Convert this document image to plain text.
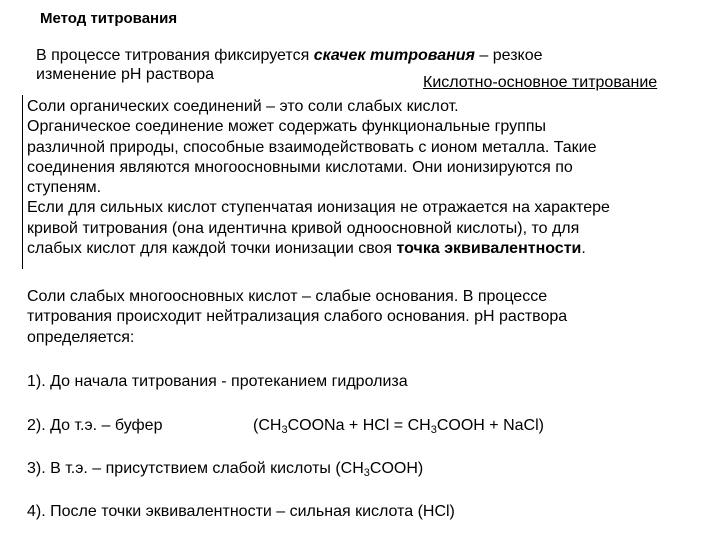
Метод титрования
В процессе титрования фиксируется скачек титрования – резкое
изменение pH раствора	Кислотно-основное титрование
Соли органических соединений – это соли слабых кислот.
Органическое соединение может содержать функциональные группы
различной природы, способные взаимодействовать с ионом металла. Такие
соединения являются многоосновными кислотами. Они ионизируются по
ступеням.
Если для сильных кислот ступенчатая ионизация не отражается на характере
кривой титрования (она идентична кривой одноосновной кислоты), то для
слабых кислот для каждой точки ионизации своя точка эквивалентности.
Соли слабых многоосновных кислот – слабые основания. В процессе
титрования происходит нейтрализация слабого основания. pH раствора
определяется:
1). До начала титрования - протеканием гидролиза
2). До т.э. – буфер	($CH_3COONa$ + HCl = $CH_3COOH$ + NaCl)
3). В т.э. – присутствием слабой кислоты $(CH_3COOH)$
4). После точки эквивалентности – сильная кислота (HCl)
